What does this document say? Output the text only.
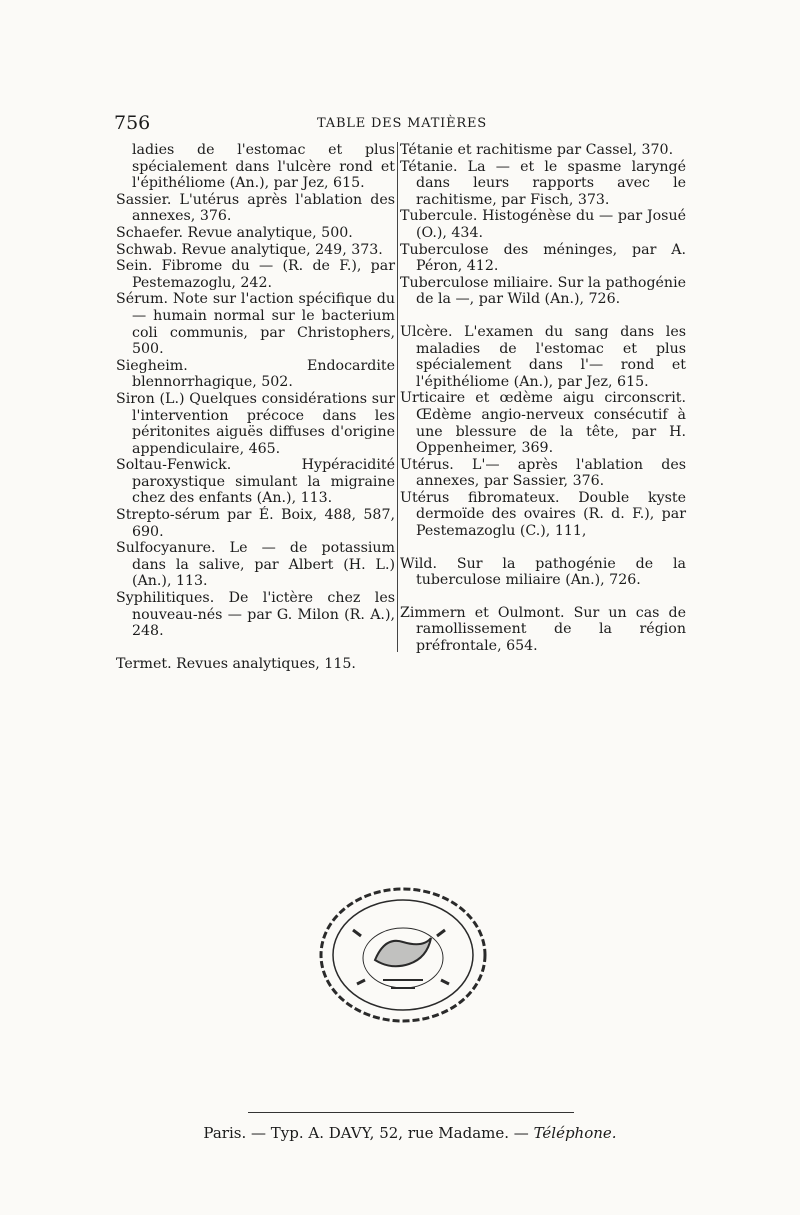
756	TABLE DES MATIÈRES

ladies de l'estomac et plus spécialement dans l'ulcère rond et l'épithéliome (An.), par Jez, 615.

Sassier. L'utérus après l'ablation des annexes, 376.

Schaefer. Revue analytique, 500.

Schwab. Revue analytique, 249, 373.

Sein. Fibrome du — (R. de F.), par Pestemazoglu, 242.

Sérum. Note sur l'action spécifique du — humain normal sur le bacterium coli communis, par Christophers, 500.

Siegheim. Endocardite blennorrhagique, 502.

Siron (L.) Quelques considérations sur l'intervention précoce dans les péritonites aiguës diffuses d'origine appendiculaire, 465.

Soltau-Fenwick. Hypéracidité paroxystique simulant la migraine chez des enfants (An.), 113.

Strepto-sérum par É. Boix, 488, 587, 690.

Sulfocyanure. Le — de potassium dans la salive, par Albert (H. L.) (An.), 113.

Syphilitiques. De l'ictère chez les nouveau-nés — par G. Milon (R. A.), 248.

Termet. Revues analytiques, 115.

Tétanie et rachitisme par Cassel, 370.

Tétanie. La — et le spasme laryngé dans leurs rapports avec le rachitisme, par Fisch, 373.

Tubercule. Histogénèse du — par Josué (O.), 434.

Tuberculose des méninges, par A. Péron, 412.

Tuberculose miliaire. Sur la pathogénie de la —, par Wild (An.), 726.

Ulcère. L'examen du sang dans les maladies de l'estomac et plus spécialement dans l'— rond et l'épithéliome (An.), par Jez, 615.

Urticaire et œdème aigu circonscrit. Œdème angio-nerveux consécutif à une blessure de la tête, par H. Oppenheimer, 369.

Utérus. L'— après l'ablation des annexes, par Sassier, 376.

Utérus fibromateux. Double kyste dermoïde des ovaires (R. d. F.), par Pestemazoglu (C.), 111,

Wild. Sur la pathogénie de la tuberculose miliaire (An.), 726.

Zimmern et Oulmont. Sur un cas de ramollissement de la région préfrontale, 654.

Paris. — Typ. A. DAVY, 52, rue Madame. — Téléphone.
